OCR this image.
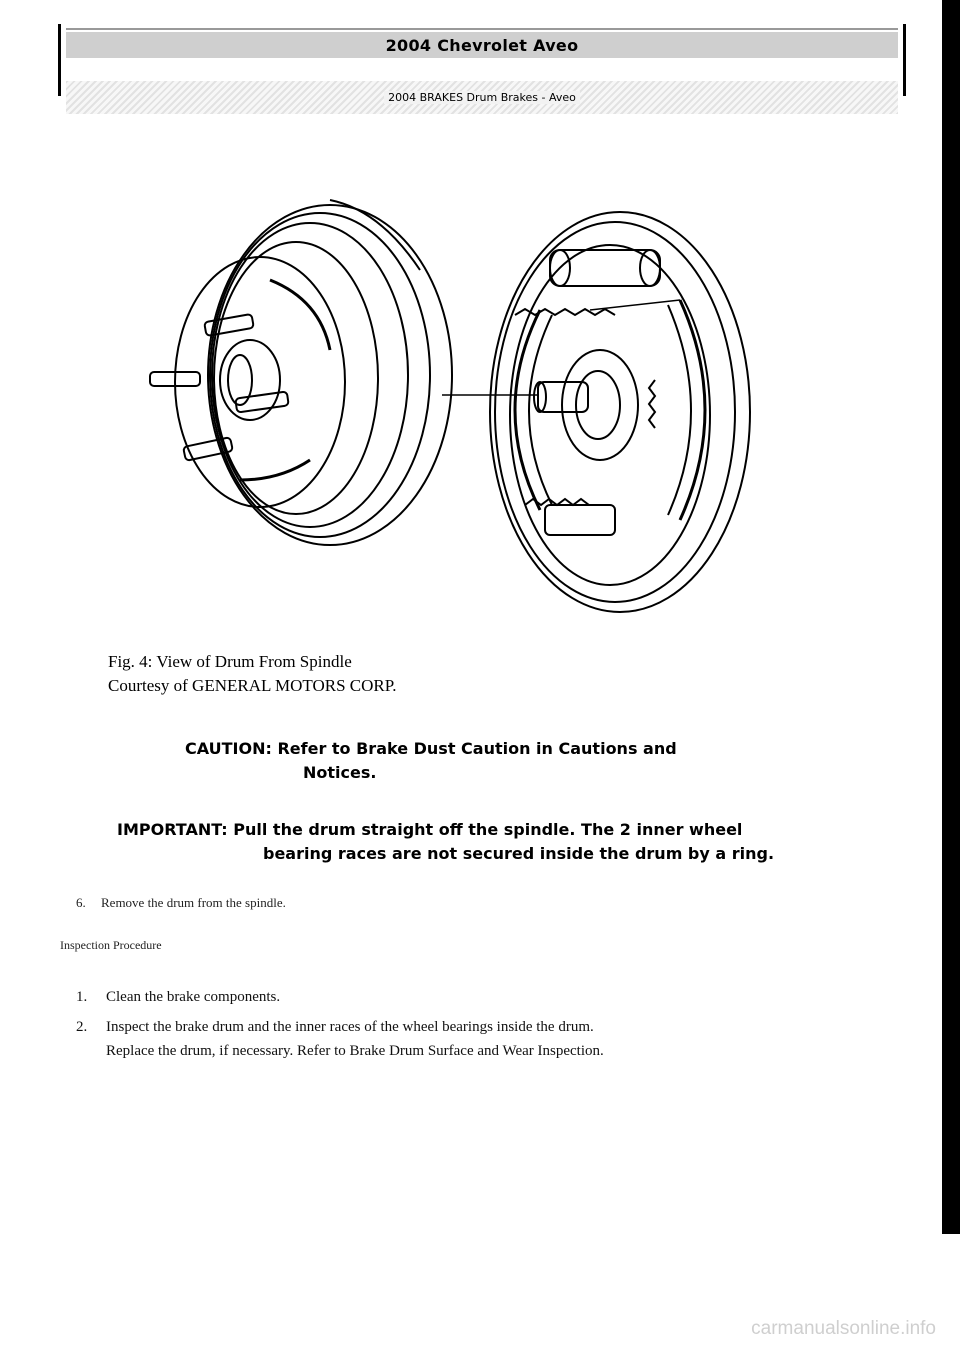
2004 Chevrolet Aveo
2004 BRAKES Drum Brakes - Aveo
Fig. 4: View of Drum From Spindle
Courtesy of GENERAL MOTORS CORP.
CAUTION: Refer to Brake Dust Caution in Cautions and
Notices.
IMPORTANT: Pull the drum straight off the spindle. The 2 inner wheel
bearing races are not secured inside the drum by a ring.
6. Remove the drum from the spindle.
Inspection Procedure
1.	Clean the brake components.
2.	Inspect the brake drum and the inner races of the wheel bearings inside the drum.
Replace the drum, if necessary. Refer to Brake Drum Surface and Wear Inspection.
carmanualsonline.info
